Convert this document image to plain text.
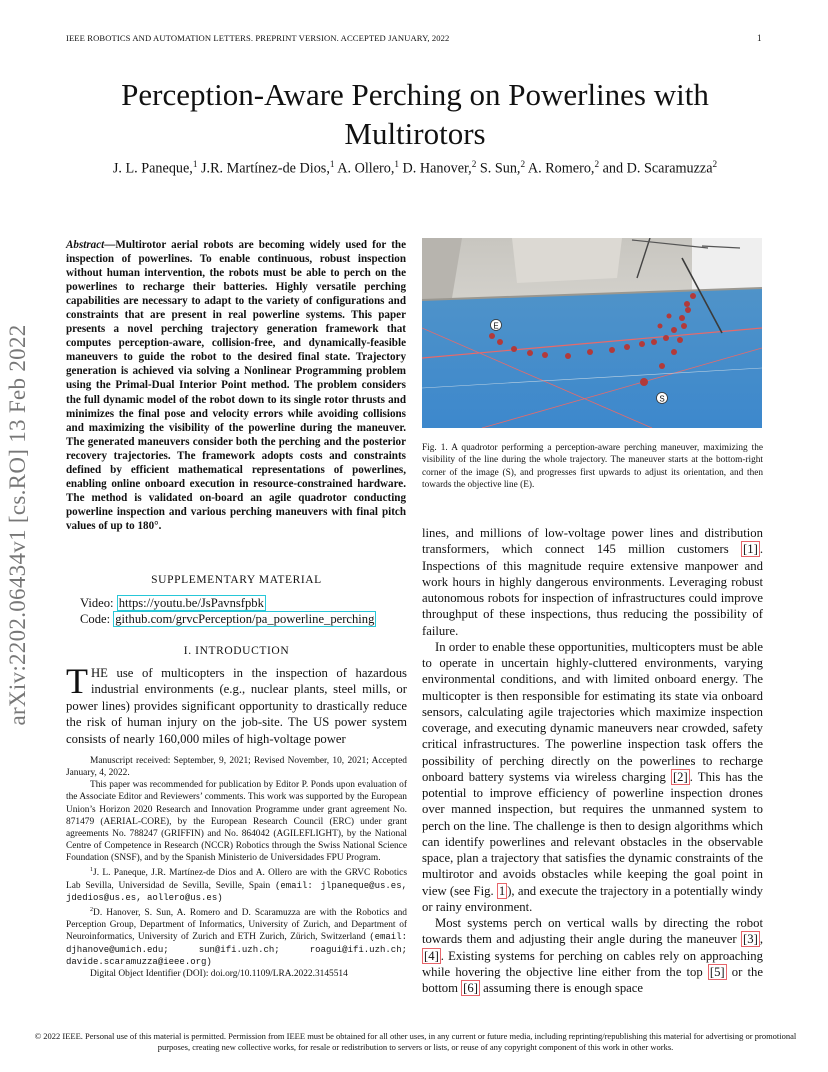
IEEE ROBOTICS AND AUTOMATION LETTERS. PREPRINT VERSION. ACCEPTED JANUARY, 2022	1
arXiv:2202.06434v1 [cs.RO] 13 Feb 2022
Perception-Aware Perching on Powerlines with
Multirotors
J. L. Paneque,$^1$ J.R. Martínez-de Dios,$^1$ A. Ollero,$^1$ D. Hanover,$^2$ S. Sun,$^2$ A. Romero,$^2$ and D. Scaramuzza$^2$
Abstract—Multirotor aerial robots are becoming widely used for the inspection of powerlines. To enable continuous, robust inspection without human intervention, the robots must be able to perch on the powerlines to recharge their batteries. Highly versatile perching capabilities are necessary to adapt to the variety of configurations and constraints that are present in real powerline systems. This paper presents a novel perching trajectory generation framework that computes perception-aware, collision-free, and dynamically-feasible maneuvers to guide the robot to the desired final state. Trajectory generation is achieved via solving a Nonlinear Programming problem using the Primal-Dual Interior Point method. The problem considers the full dynamic model of the robot down to its single rotor thrusts and minimizes the final pose and velocity errors while avoiding collisions and maximizing the visibility of the powerline during the maneuver. The generated maneuvers consider both the perching and the posterior recovery trajectories. The framework adopts costs and constraints defined by efficient mathematical representations of powerlines, enabling online onboard execution in resource-constrained hardware. The method is validated on-board an agile quadrotor conducting powerline inspection and various perching maneuvers with final pitch values of up to 180°.
E
S
Fig. 1. A quadrotor performing a perception-aware perching maneuver, maximizing the visibility of the line during the whole trajectory. The maneuver starts at the bottom-right corner of the image (S), and progresses first upwards to adjust its orientation, and then towards the objective line (E).

lines, and millions of low-voltage power lines and distribution transformers, which connect 145 million customers [1] . Inspections of this magnitude require extensive manpower and work hours in highly dangerous environments. Leveraging robust autonomous robots for inspection of infrastructures could improve throughput of these inspections, thus reducing the possibility of failure.

In order to enable these opportunities, multicopters must be able to operate in uncertain highly-cluttered environments, varying environmental conditions, and with limited onboard energy. The multicopter is then responsible for estimating its state via onboard sensors, calculating agile trajectories which maximize inspection coverage, and executing dynamic maneuvers near crowded, safety critical infrastructures. The powerline inspection task offers the possibility of perching directly on the powerlines to recharge onboard battery systems via wireless charging [2] . This has the potential to improve efficiency of powerline inspection drones over manned inspection, but requires the unmanned system to perch on the line. The challenge is then to design algorithms which can identify powerlines and relevant obstacles in the observable space, plan a trajectory that satisfies the dynamic constraints of the multirotor and avoids obstacles while keeping the goal point in view (see Fig. 1 ), and execute the trajectory in a potentially windy or rainy environment.

Most systems perch on vertical walls by directing the robot towards them and adjusting their angle during the maneuver [3] , [4] . Existing systems for perching on cables rely on approaching while hovering the objective line either from the top [5] or the bottom [6] assuming there is enough space

SUPPLEMENTARY MATERIAL
Video: https://youtu.be/JsPavnsfpbk
Code: github.com/grvcPerception/pa_powerline_perching
I. INTRODUCTION
THE use of multicopters in the inspection of hazardous industrial environments (e.g., nuclear plants, steel mills, or power lines) provides significant opportunity to drastically reduce the risk of human injury on the job-site. The US power system consists of nearly 160,000 miles of high-voltage power

Manuscript received: September, 9, 2021; Revised November, 10, 2021; Accepted January, 4, 2022.

This paper was recommended for publication by Editor P. Ponds upon evaluation of the Associate Editor and Reviewers’ comments. This work was supported by the European Union’s Horizon 2020 Research and Innovation Programme under grant agreement No. 871479 (AERIAL-CORE), by the European Research Council (ERC) under grant agreements No. 788247 (GRIFFIN) and No. 864042 (AGILEFLIGHT), by the National Centre of Competence in Research (NCCR) Robotics through the Swiss National Science Foundation (SNSF), and by the Spanish Ministerio de Universidades FPU Program.

$^1$J. L. Paneque, J.R. Martínez-de Dios and A. Ollero are with the GRVC Robotics Lab Sevilla, Universidad de Sevilla, Seville, Spain (email: jlpaneque@us.es, jdedios@us.es, aollero@us.es)

$^2$D. Hanover, S. Sun, A. Romero and D. Scaramuzza are with the Robotics and Perception Group, Department of Informatics, University of Zurich, and Department of Neuroinformatics, University of Zurich and ETH Zurich, Zürich, Switzerland (email: djhanove@umich.edu; sun@ifi.uzh.ch; roagui@ifi.uzh.ch; davide.scaramuzza@ieee.org)

Digital Object Identifier (DOI): doi.org/10.1109/LRA.2022.3145514

© 2022 IEEE. Personal use of this material is permitted. Permission from IEEE must be obtained for all other uses, in any current or future media, including reprinting/republishing this material for advertising or promotional purposes, creating new collective works, for resale or redistribution to servers or lists, or reuse of any copyright component of this work in other works.
